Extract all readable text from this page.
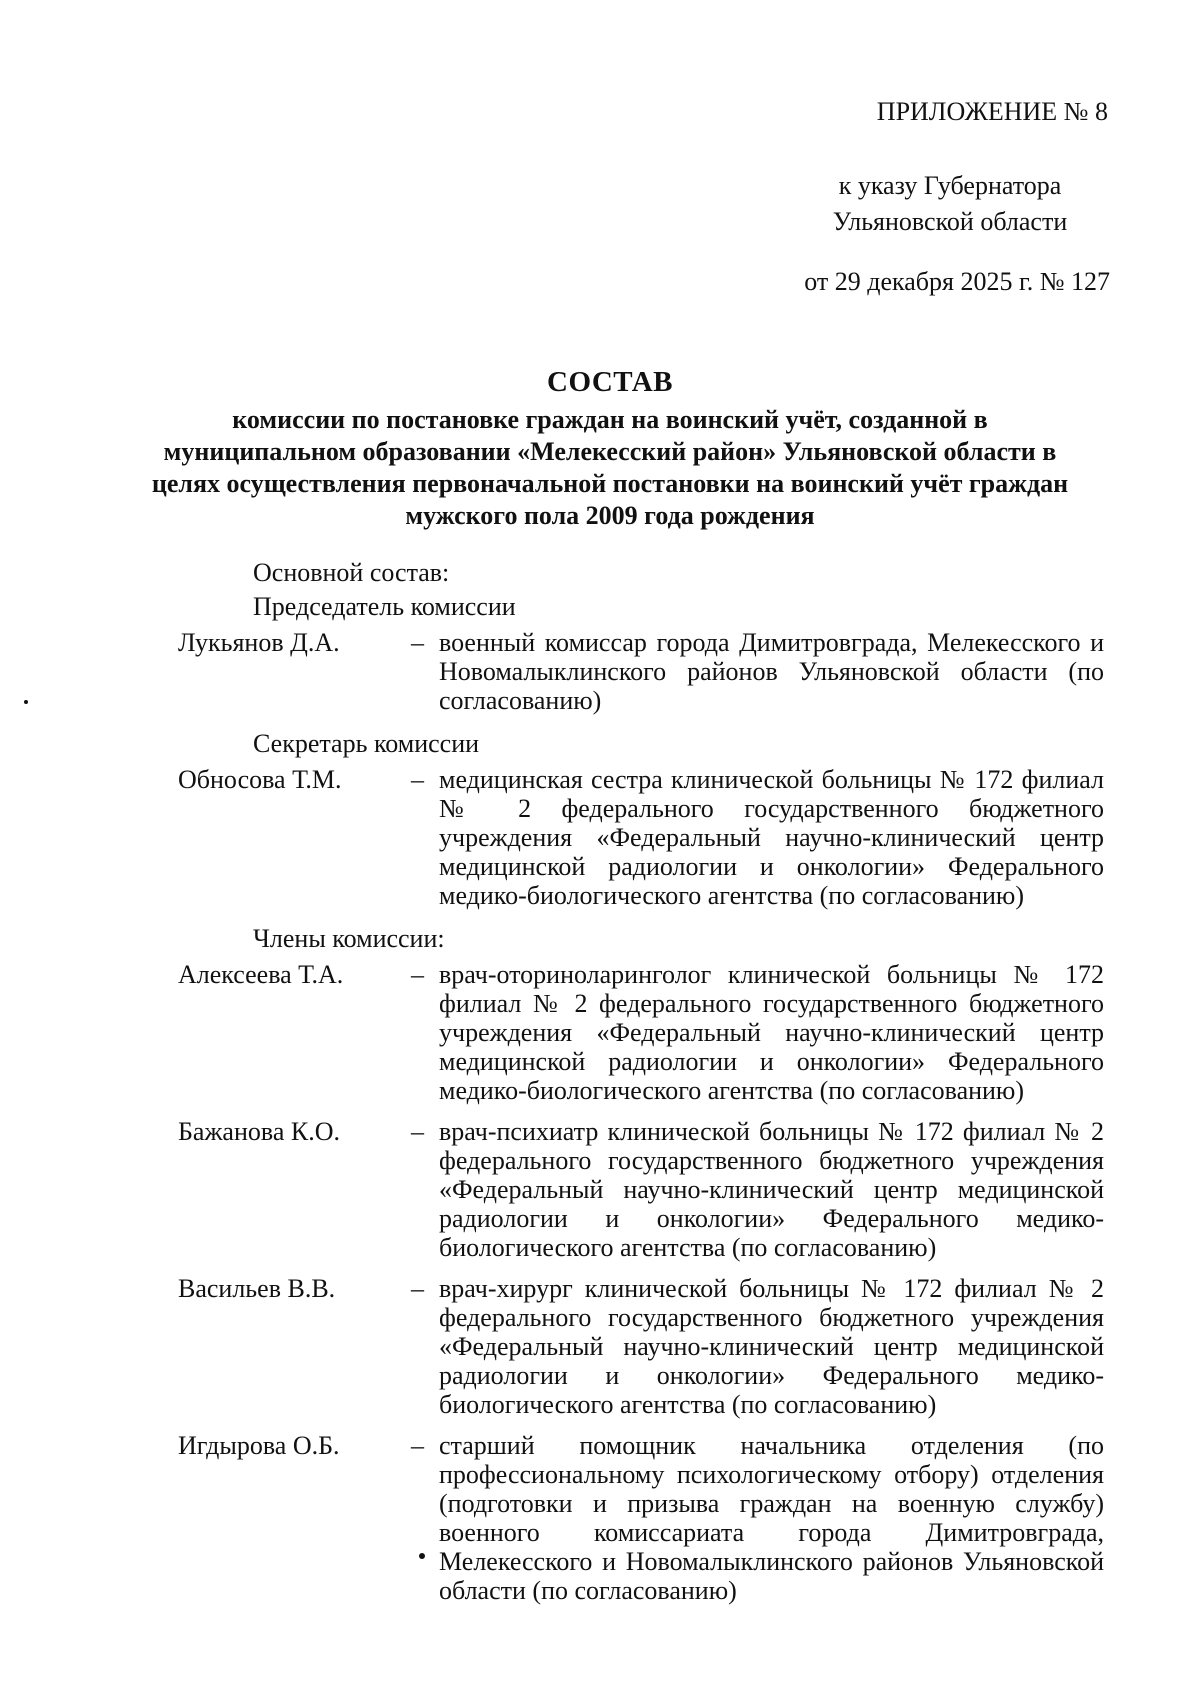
ПРИЛОЖЕНИЕ № 8
к указу Губернатора
Ульяновской области
от 29 декабря 2025 г. № 127
СОСТАВ
комиссии по постановке граждан на воинский учёт, созданной в муниципальном образовании «Мелекесский район» Ульяновской области в целях осуществления первоначальной постановки на воинский учёт граждан мужского пола 2009 года рождения

Основной состав:

Председатель комиссии

Лукьянов Д.А.	– военный комиссар города Димитровграда, Мелекесского и Новомалыклинского районов Ульяновской области (по согласованию)

Секретарь комиссии

Обносова Т.М.	– медицинская сестра клинической больницы № 172 филиал № 2 федерального государственного бюджетного учреждения «Федеральный научно-клинический центр медицинской радиологии и онкологии» Федерального медико-биологического агентства (по согласованию)

Члены комиссии:

Алексеева Т.А.	– врач-оториноларинголог клинической больницы № 172 филиал № 2 федерального государственного бюджетного учреждения «Федеральный научно-клинический центр медицинской радиологии и онкологии» Федерального медико-биологического агентства (по согласованию)
Бажанова К.О.	– врач-психиатр клинической больницы № 172 филиал № 2 федерального государственного бюджетного учреждения «Федеральный научно-клинический центр медицинской радиологии и онкологии» Федерального медико-биологического агентства (по согласованию)
Васильев В.В.	– врач-хирург клинической больницы № 172 филиал № 2 федерального государственного бюджетного учреждения «Федеральный научно-клинический центр медицинской радиологии и онкологии» Федерального медико-биологического агентства (по согласованию)
Игдырова О.Б.	– старший помощник начальника отделения (по профессиональному психологическому отбору) отделения (подготовки и призыва граждан на военную службу) военного комиссариата города Димитровграда, Мелекесского и Новомалыклинского районов Ульяновской области (по согласованию)
